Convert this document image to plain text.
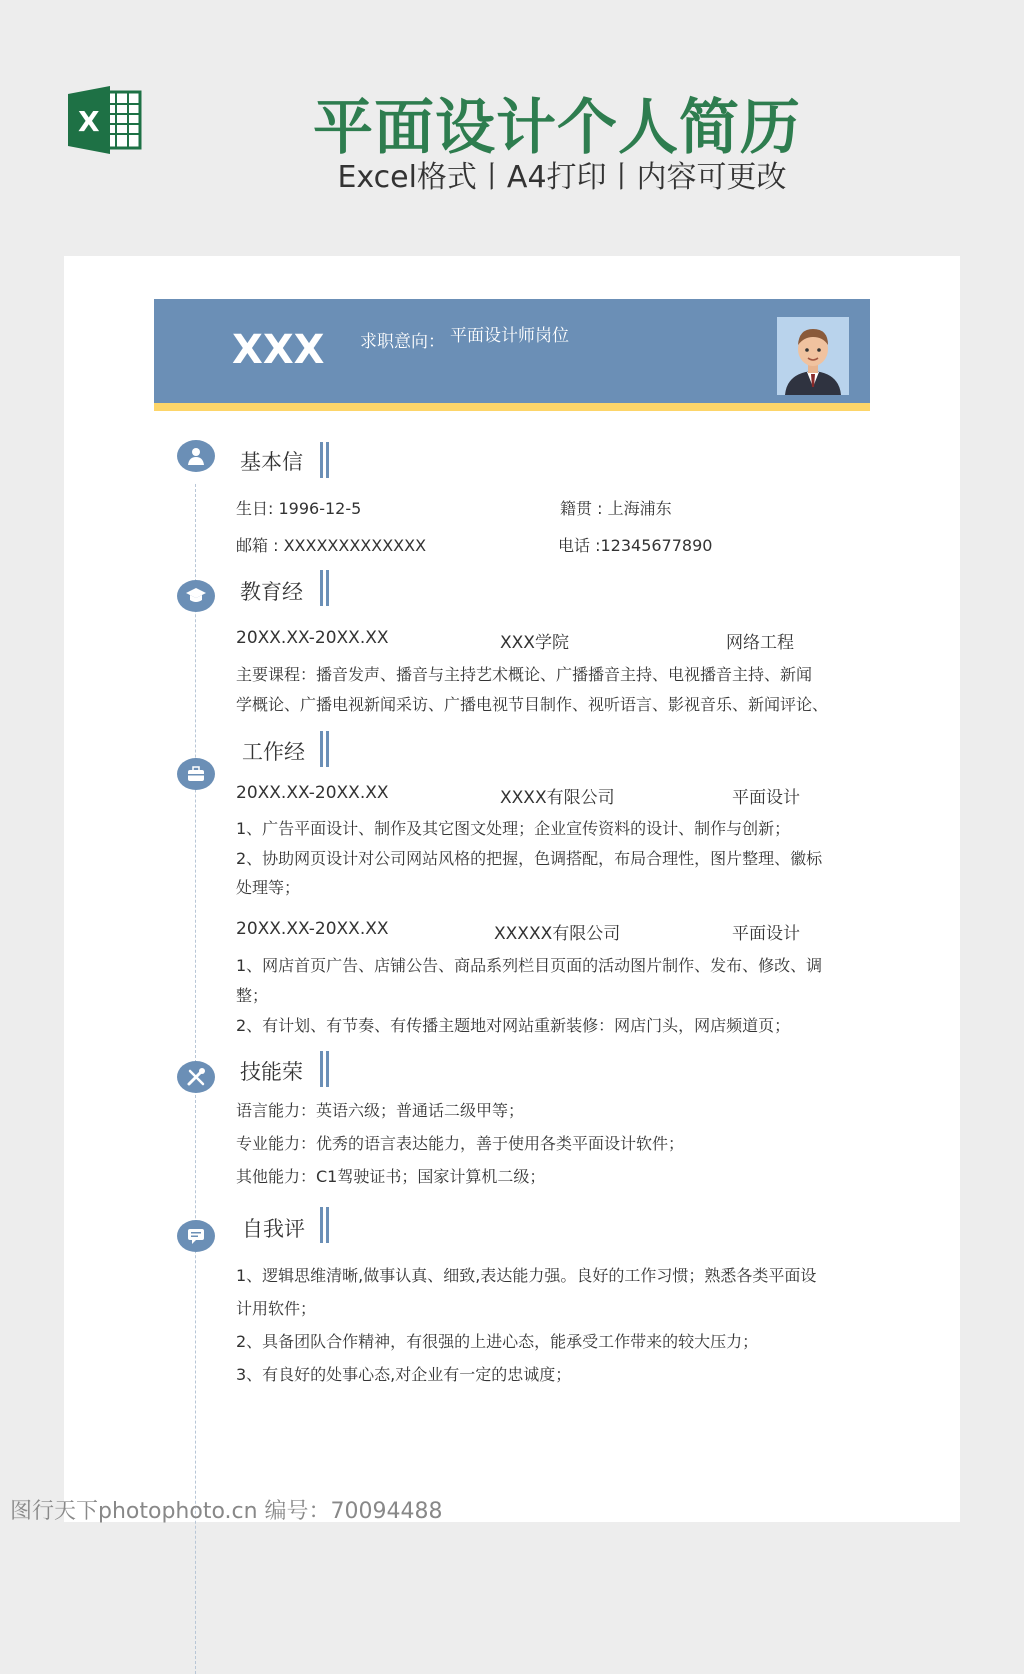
X	平面设计个人简历
Excel格式丨A4打印丨内容可更改
XXX 求职意向： 平面设计师岗位
基本信
生日: 1996-12-5	籍贯 : 上海浦东
邮箱 : XXXXXXXXXXXXX	电话 :12345677890
教育经
20XX.XX-20XX.XX	XXX学院	网络工程
主要课程：播音发声、播音与主持艺术概论、广播播音主持、电视播音主持、新闻
学概论、广播电视新闻采访、广播电视节目制作、视听语言、影视音乐、新闻评论、
工作经
20XX.XX-20XX.XX	XXXX有限公司	平面设计
1、广告平面设计、制作及其它图文处理；企业宣传资料的设计、制作与创新；
2、协助网页设计对公司网站风格的把握，色调搭配，布局合理性，图片整理、徽标
处理等；
20XX.XX-20XX.XX	XXXXX有限公司	平面设计
1、网店首页广告、店铺公告、商品系列栏目页面的活动图片制作、发布、修改、调
整；
2、有计划、有节奏、有传播主题地对网站重新装修：网店门头，网店频道页；
技能荣
语言能力：英语六级；普通话二级甲等；
专业能力：优秀的语言表达能力，善于使用各类平面设计软件；
其他能力：C1驾驶证书；国家计算机二级；
自我评
1、逻辑思维清晰,做事认真、细致,表达能力强。良好的工作习惯；熟悉各类平面设
计用软件；
2、具备团队合作精神，有很强的上进心态，能承受工作带来的较大压力；
3、有良好的处事心态,对企业有一定的忠诚度；
图行天下photophoto.cn 编号：70094488
